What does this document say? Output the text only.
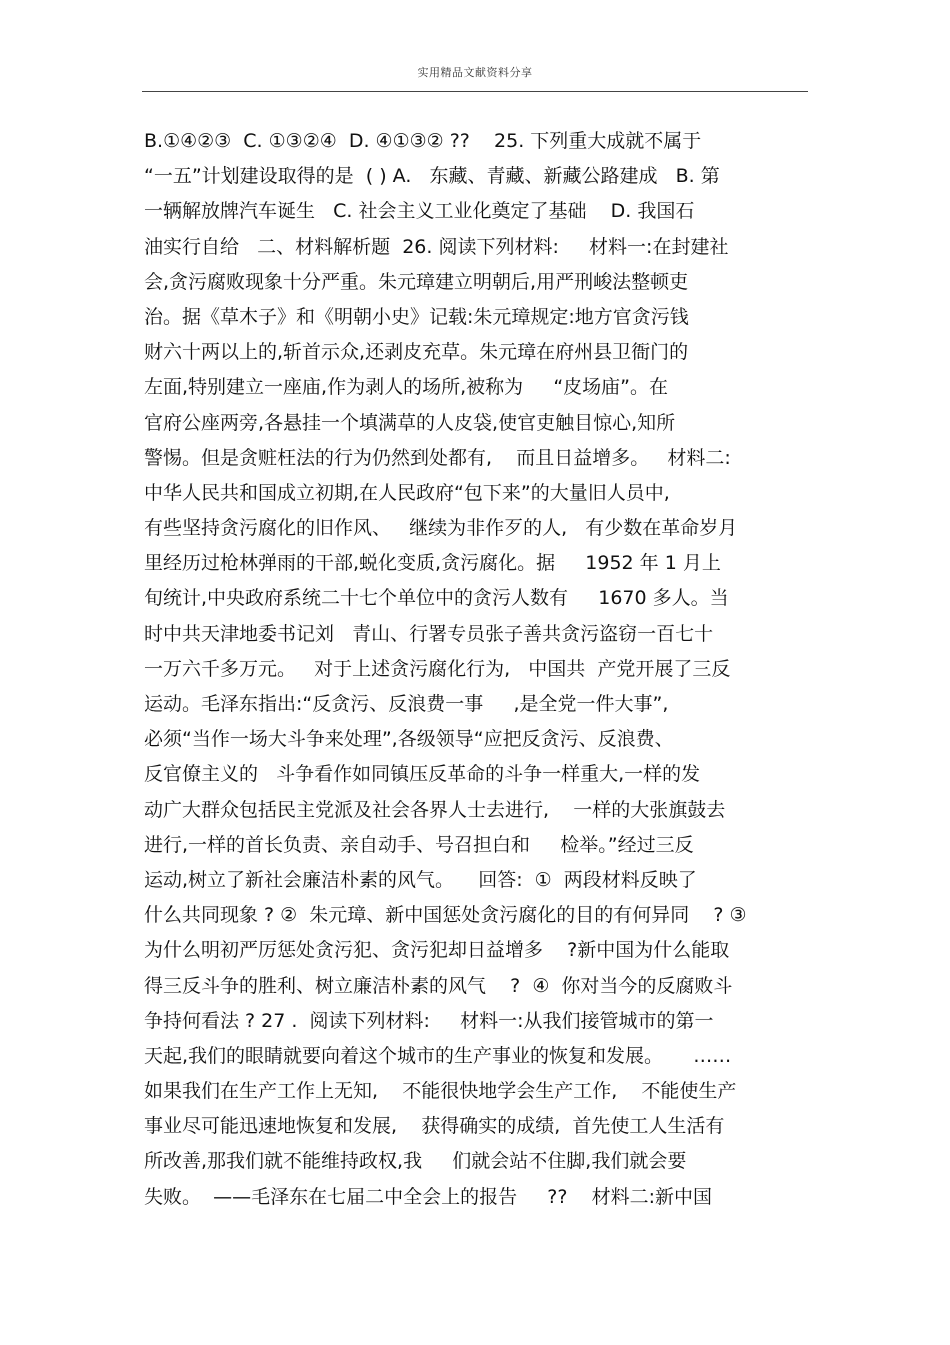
实用精品文献资料分享
B.①④②③  C. ①③②④  D. ④①③② ??    25. 下列重大成就不属于
“一五”计划建设取得的是  ( ) A.   东藏、青藏、新藏公路建成   B. 第
一辆解放牌汽车诞生   C. 社会主义工业化奠定了基础    D. 我国石
油实行自给   二、材料解析题  26. 阅读下列材料:     材料一:在封建社
会,贪污腐败现象十分严重。朱元璋建立明朝后,用严刑峻法整顿吏
治。据《草木子》和《明朝小史》记载:朱元璋规定:地方官贪污钱
财六十两以上的,斩首示众,还剥皮充草。朱元璋在府州县卫衙门的
左面,特别建立一座庙,作为剥人的场所,被称为     “皮场庙”。在
官府公座两旁,各悬挂一个填满草的人皮袋,使官吏触目惊心,知所
警惕。但是贪赃枉法的行为仍然到处都有,    而且日益增多。   材料二:
中华人民共和国成立初期,在人民政府“包下来”的大量旧人员中,
有些坚持贪污腐化的旧作风、   继续为非作歹的人,   有少数在革命岁月
里经历过枪林弹雨的干部,蜕化变质,贪污腐化。据     1952 年 1 月上
旬统计,中央政府系统二十七个单位中的贪污人数有     1670 多人。当
时中共天津地委书记刘   青山、行署专员张子善共贪污盗窃一百七十
一万六千多万元。   对于上述贪污腐化行为,   中国共  产党开展了三反
运动。毛泽东指出:“反贪污、反浪费一事     ,是全党一件大事”,
必须“当作一场大斗争来处理”,各级领导“应把反贪污、反浪费、
反官僚主义的   斗争看作如同镇压反革命的斗争一样重大,一样的发
动广大群众包括民主党派及社会各界人士去进行,    一样的大张旗鼓去
进行,一样的首长负责、亲自动手、号召担白和     检举。”经过三反
运动,树立了新社会廉洁朴素的风气。    回答:  ①  两段材料反映了
什么共同现象 ? ②  朱元璋、新中国惩处贪污腐化的目的有何异同    ? ③
为什么明初严厉惩处贪污犯、贪污犯却日益增多    ?新中国为什么能取
得三反斗争的胜利、树立廉洁朴素的风气    ?  ④  你对当今的反腐败斗
争持何看法 ? 27 .  阅读下列材料:     材料一:从我们接管城市的第一
天起,我们的眼睛就要向着这个城市的生产事业的恢复和发展。     ……
如果我们在生产工作上无知,    不能很快地学会生产工作,    不能使生产
事业尽可能迅速地恢复和发展,    获得确实的成绩,  首先使工人生活有
所改善,那我们就不能维持政权,我     们就会站不住脚,我们就会要
失败。  ——毛泽东在七届二中全会上的报告     ??    材料二:新中国
